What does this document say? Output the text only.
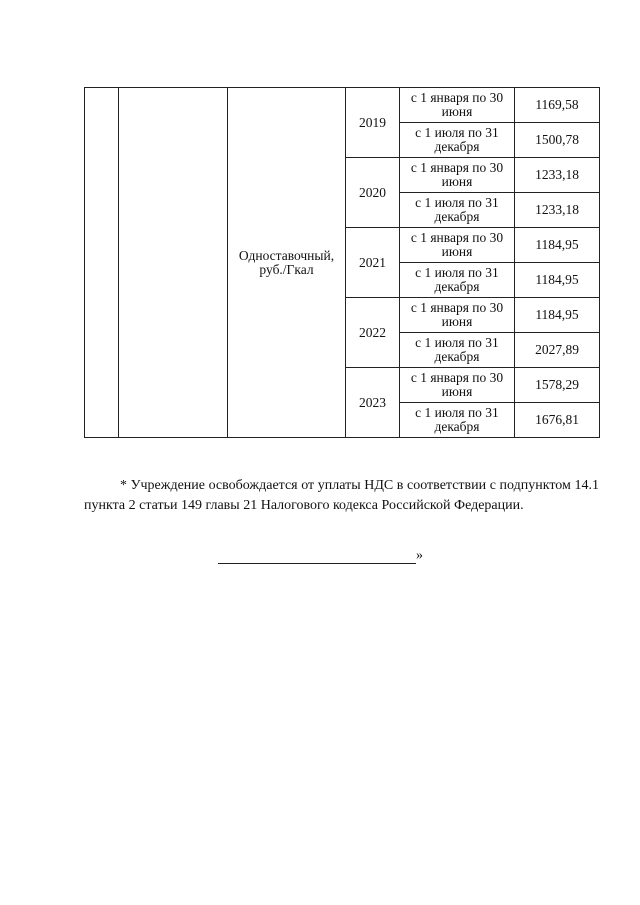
		Одноставочный, руб./Гкал	2019	с 1 января по 30 июня	1169,58
				с 1 июля по 31 декабря	1500,78
			2020	с 1 января по 30 июня	1233,18
				с 1 июля по 31 декабря	1233,18
			2021	с 1 января по 30 июня	1184,95
				с 1 июля по 31 декабря	1184,95
			2022	с 1 января по 30 июня	1184,95
				с 1 июля по 31 декабря	2027,89
			2023	с 1 января по 30 июня	1578,29
				с 1 июля по 31 декабря	1676,81

* Учреждение освобождается от уплаты НДС в соответствии с подпунктом 14.1 пункта 2 статьи 149 главы 21 Налогового кодекса Российской Федерации.

»
